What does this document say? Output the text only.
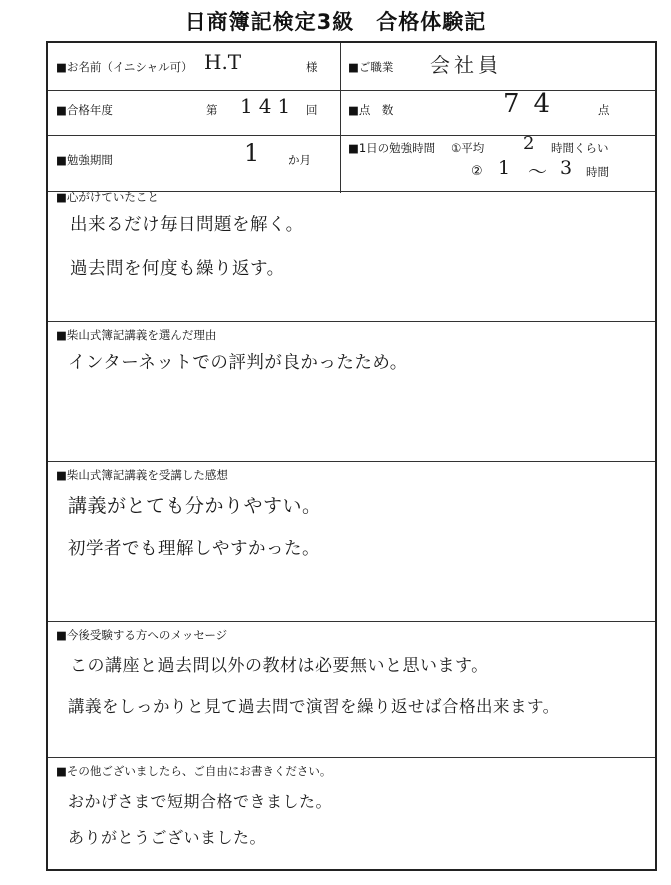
日商簿記検定3級　合格体験記
■お名前（イニシャル可） H.T	様	■ご職業 会社員
■合格年度	第 141 回	■点　数	74	点
■勉強期間	1 か月
■1日の勉強時間 ①平均 2 時間くらい
② 1 ～ 3 時間
■心がけていたこと
出来るだけ毎日問題を解く。
過去問を何度も繰り返す。
■柴山式簿記講義を選んだ理由
インターネットでの評判が良かったため。
■柴山式簿記講義を受講した感想
講義がとても分かりやすい。
初学者でも理解しやすかった。
■今後受験する方へのメッセージ
この講座と過去問以外の教材は必要無いと思います。
講義をしっかりと見て過去問で演習を繰り返せば合格出来ます。
■その他ございましたら、ご自由にお書きください。
おかげさまで短期合格できました。
ありがとうございました。
